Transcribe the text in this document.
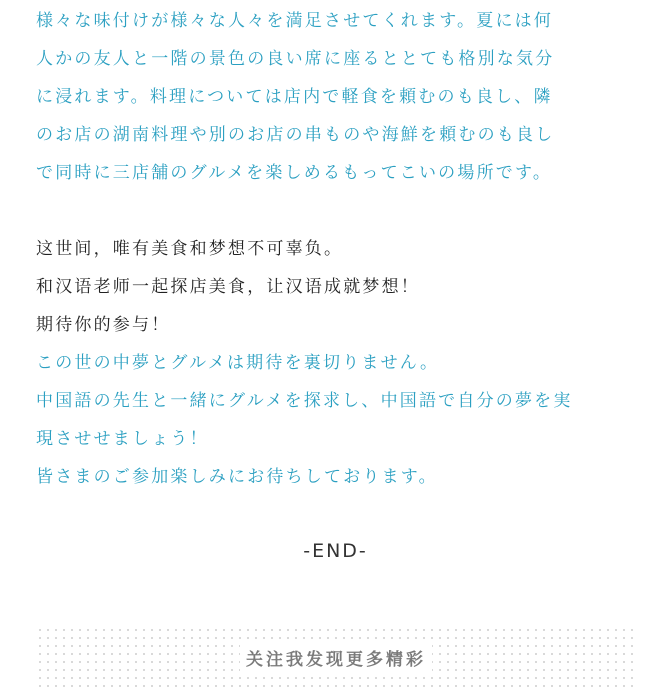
様々な味付けが様々な人々を満足させてくれます。夏には何
人かの友人と一階の景色の良い席に座るととても格別な気分
に浸れます。料理については店内で軽食を頼むのも良し、隣
のお店の湖南料理や別のお店の串ものや海鮮を頼むのも良し
で同時に三店舗のグルメを楽しめるもってこいの場所です。
这世间，唯有美食和梦想不可辜负。
和汉语老师一起探店美食，让汉语成就梦想！
期待你的参与！
この世の中夢とグルメは期待を裏切りません。
中国語の先生と一緒にグルメを探求し、中国語で自分の夢を実
現させせましょう！
皆さまのご参加楽しみにお待ちしております。
-END-
关注我发现更多精彩
